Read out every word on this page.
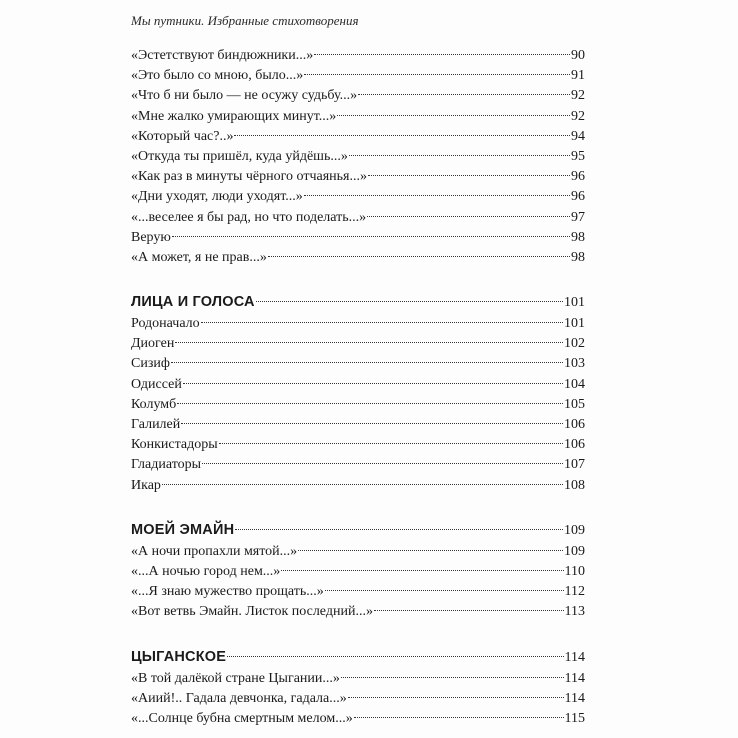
Мы путники. Избранные стихотворения
«Эстетствуют биндюжники...»	90
«Это было со мною, было...»	91
«Что б ни было — не осужу судьбу...»	92
«Мне жалко умирающих минут...»	92
«Который час?..»	94
«Откуда ты пришёл, куда уйдёшь...»	95
«Как раз в минуты чёрного отчаянья...»	96
«Дни уходят, люди уходят...»	96
«...веселее я бы рад, но что поделать...»	97
Верую	98
«А может, я не прав...»	98
ЛИЦА И ГОЛОСА	101
Родоначало	101
Диоген	102
Сизиф	103
Одиссей	104
Колумб	105
Галилей	106
Конкистадоры	106
Гладиаторы	107
Икар	108
МОЕЙ ЭМАЙН	109
«А ночи пропахли мятой...»	109
«...А ночью город нем...»	110
«...Я знаю мужество прощать...»	112
«Вот ветвь Эмайн. Листок последний...»	113
ЦЫГАНСКОЕ	114
«В той далёкой стране Цыгании...»	114
«Аиий!.. Гадала девчонка, гадала...»	114
«...Солнце бубна смертным мелом...»	115
